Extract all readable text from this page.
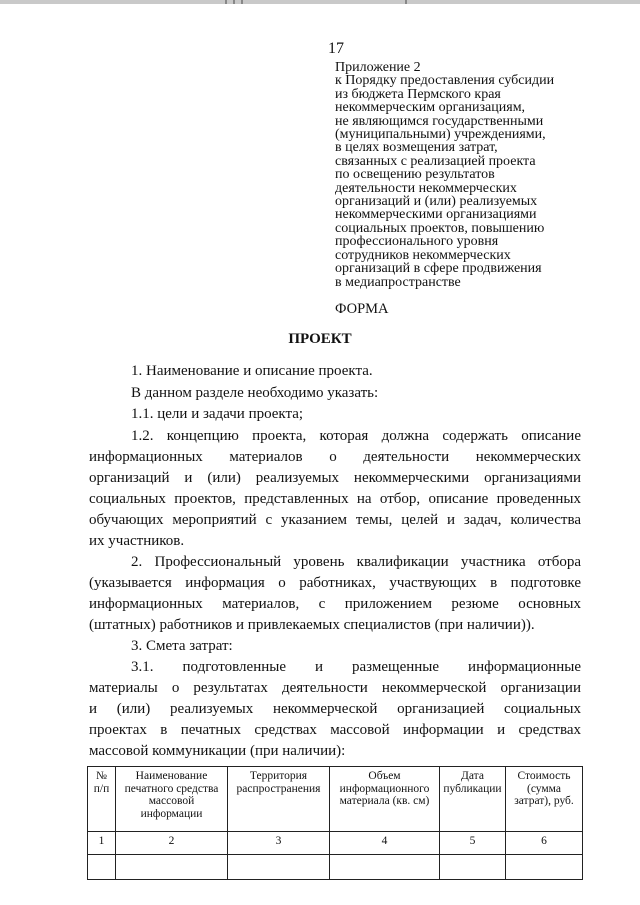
17
Приложение 2
к Порядку предоставления субсидии
из бюджета Пермского края
некоммерческим организациям,
не являющимся государственными
(муниципальными) учреждениями,
в целях возмещения затрат,
связанных с реализацией проекта
по освещению результатов
деятельности некоммерческих
организаций и (или) реализуемых
некоммерческими организациями
социальных проектов, повышению
профессионального уровня
сотрудников некоммерческих
организаций в сфере продвижения
в медиапространстве
ФОРМА
ПРОЕКТ
1. Наименование и описание проекта.
В данном разделе необходимо указать:
1.1. цели и задачи проекта;
1.2. концепцию проекта, которая должна содержать описание
информационных материалов о деятельности некоммерческих
организаций и (или) реализуемых некоммерческими организациями
социальных проектов, представленных на отбор, описание проведенных
обучающих мероприятий с указанием темы, целей и задач, количества
их участников.
2. Профессиональный уровень квалификации участника отбора
(указывается информация о работниках, участвующих в подготовке
информационных материалов, с приложением резюме основных
(штатных) работников и привлекаемых специалистов (при наличии)).
3. Смета затрат:
3.1. подготовленные и размещенные информационные
материалы о результатах деятельности некоммерческой организации
и (или) реализуемых некоммерческой организацией социальных
проектах в печатных средствах массовой информации и средствах
массовой коммуникации (при наличии):
№ п/п	Наименование печатного средства массовой информации	Территория распространения	Объем информационного материала (кв. см)	Дата публикации	Стоимость (сумма затрат), руб.
1	2	3	4	5	6
